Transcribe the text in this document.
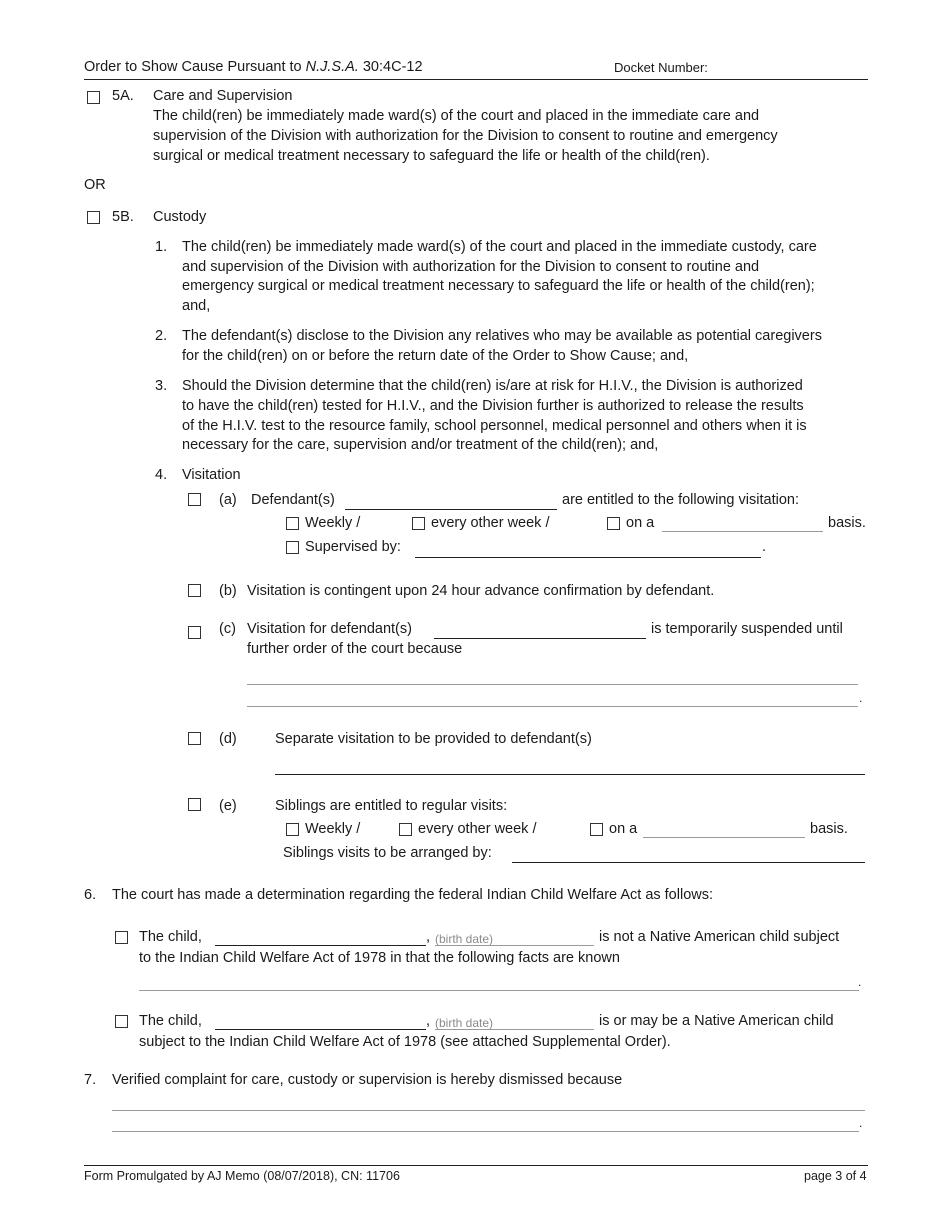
Order to Show Cause Pursuant to N.J.S.A. 30:4C-12	Docket Number:
5A. Care and Supervision
The child(ren) be immediately made ward(s) of the court and placed in the immediate care and
supervision of the Division with authorization for the Division to consent to routine and emergency
surgical or medical treatment necessary to safeguard the life or health of the child(ren).
OR
5B. Custody
1. The child(ren) be immediately made ward(s) of the court and placed in the immediate custody, care
and supervision of the Division with authorization for the Division to consent to routine and
emergency surgical or medical treatment necessary to safeguard the life or health of the child(ren);
and,
2. The defendant(s) disclose to the Division any relatives who may be available as potential caregivers
for the child(ren) on or before the return date of the Order to Show Cause; and,
3. Should the Division determine that the child(ren) is/are at risk for H.I.V., the Division is authorized
to have the child(ren) tested for H.I.V., and the Division further is authorized to release the results
of the H.I.V. test to the resource family, school personnel, medical personnel and others when it is
necessary for the care, supervision and/or treatment of the child(ren); and,
4. Visitation
(a) Defendant(s)	are entitled to the following visitation:
Weekly /	every other week /	on a	basis.
Supervised by:	.
(b) Visitation is contingent upon 24 hour advance confirmation by defendant.
(c) Visitation for defendant(s)	is temporarily suspended until
further order of the court because
.
(d)	Separate visitation to be provided to defendant(s)
(e)	Siblings are entitled to regular visits:
Weekly /	every other week /	on a	basis.
Siblings visits to be arranged by:
6. The court has made a determination regarding the federal Indian Child Welfare Act as follows:
The child,	, (birth date)	is not a Native American child subject
to the Indian Child Welfare Act of 1978 in that the following facts are known
.
The child,	, (birth date)	is or may be a Native American child
subject to the Indian Child Welfare Act of 1978 (see attached Supplemental Order).
7. Verified complaint for care, custody or supervision is hereby dismissed because
.
Form Promulgated by AJ Memo (08/07/2018), CN: 11706	page 3 of 4
